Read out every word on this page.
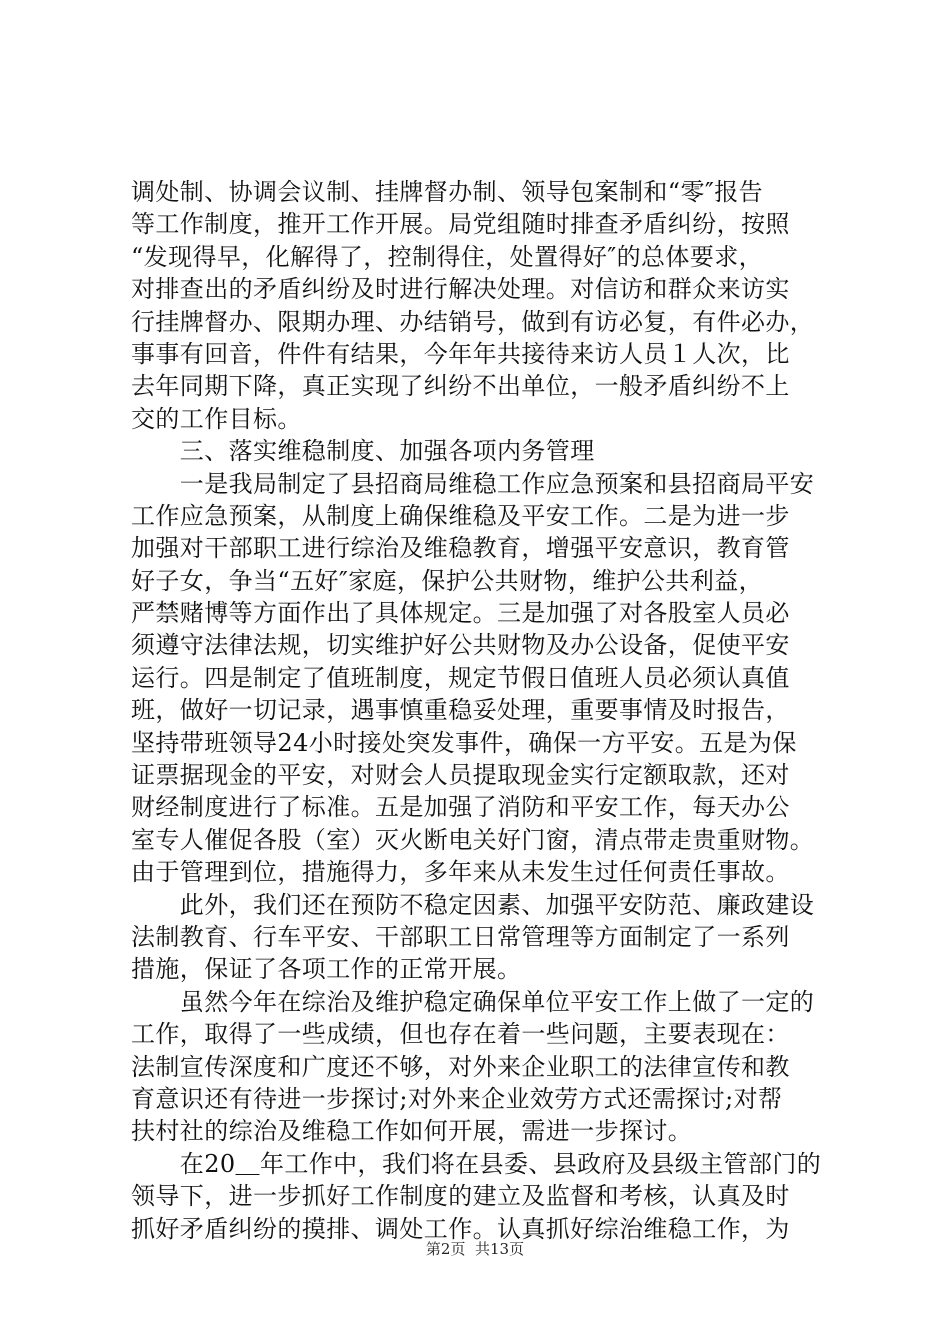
调处制、协调会议制、挂牌督办制、领导包案制和“零″报告
等工作制度，推开工作开展。局党组随时排查矛盾纠纷，按照
“发现得早，化解得了，控制得住，处置得好″的总体要求，
对排查出的矛盾纠纷及时进行解决处理。对信访和群众来访实
行挂牌督办、限期办理、办结销号，做到有访必复，有件必办，
事事有回音，件件有结果，今年年共接待来访人员１人次，比
去年同期下降，真正实现了纠纷不出单位，一般矛盾纠纷不上
交的工作目标。
　　三、落实维稳制度、加强各项内务管理
　　一是我局制定了县招商局维稳工作应急预案和县招商局平安
工作应急预案，从制度上确保维稳及平安工作。二是为进一步
加强对干部职工进行综治及维稳教育，增强平安意识，教育管
好子女，争当“五好″家庭，保护公共财物，维护公共利益，
严禁赌博等方面作出了具体规定。三是加强了对各股室人员必
须遵守法律法规，切实维护好公共财物及办公设备，促使平安
运行。四是制定了值班制度，规定节假日值班人员必须认真值
班，做好一切记录，遇事慎重稳妥处理，重要事情及时报告，
坚持带班领导24小时接处突发事件，确保一方平安。五是为保
证票据现金的平安，对财会人员提取现金实行定额取款，还对
财经制度进行了标准。五是加强了消防和平安工作，每天办公
室专人催促各股（室）灭火断电关好门窗，清点带走贵重财物。
由于管理到位，措施得力，多年来从未发生过任何责任事故。
　　此外，我们还在预防不稳定因素、加强平安防范、廉政建设
法制教育、行车平安、干部职工日常管理等方面制定了一系列
措施，保证了各项工作的正常开展。
　　虽然今年在综治及维护稳定确保单位平安工作上做了一定的
工作，取得了一些成绩，但也存在着一些问题，主要表现在：
法制宣传深度和广度还不够，对外来企业职工的法律宣传和教
育意识还有待进一步探讨;对外来企业效劳方式还需探讨;对帮
扶村社的综治及维稳工作如何开展，需进一步探讨。
　　在20＿年工作中，我们将在县委、县政府及县级主管部门的
领导下，进一步抓好工作制度的建立及监督和考核，认真及时
抓好矛盾纠纷的摸排、调处工作。认真抓好综治维稳工作，为
第2页  共13页
